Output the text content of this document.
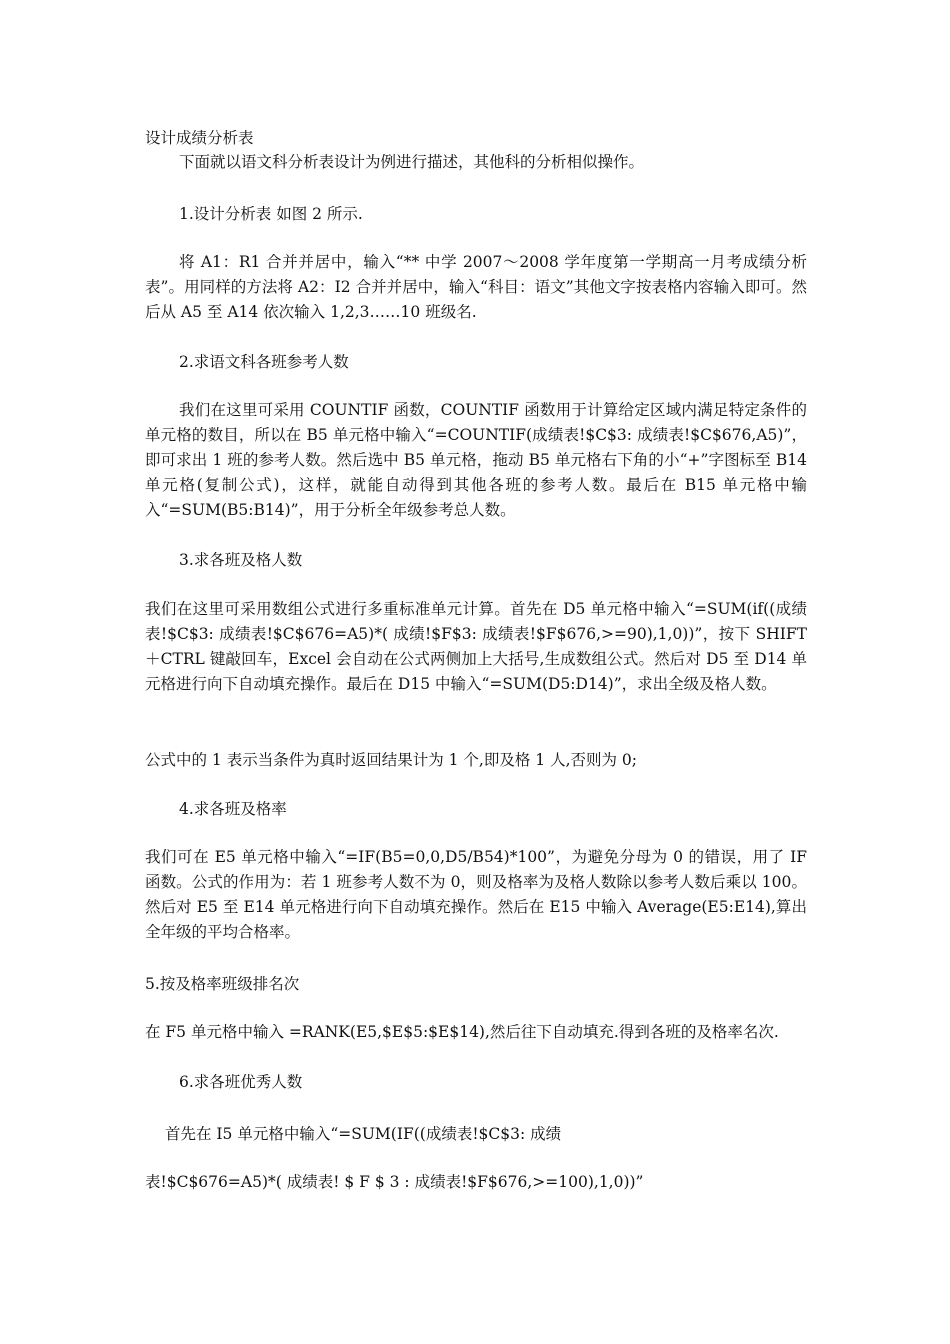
设计成绩分析表
下面就以语文科分析表设计为例进行描述，其他科的分析相似操作。
1.设计分析表 如图 2 所示.
将 A1：R1 合并并居中，输入“** 中学 2007～2008 学年度第一学期高一月考成绩分析表”。用同样的方法将 A2：I2 合并并居中，输入“科目：语文”其他文字按表格内容输入即可。然后从 A5 至 A14 依次输入 1,2,3……10 班级名.
2.求语文科各班参考人数
我们在这里可采用 COUNTIF 函数，COUNTIF 函数用于计算给定区域内满足特定条件的单元格的数目，所以在 B5 单元格中输入“=COUNTIF(成绩表!$C$3: 成绩表!$C$676,A5)”，即可求出 1 班的参考人数。然后选中 B5 单元格，拖动 B5 单元格右下角的小“+”字图标至 B14 单元格(复制公式)，这样，就能自动得到其他各班的参考人数。最后在 B15 单元格中输入“=SUM(B5:B14)”，用于分析全年级参考总人数。
3.求各班及格人数
我们在这里可采用数组公式进行多重标准单元计算。首先在 D5 单元格中输入“=SUM(if((成绩表!$C$3: 成绩表!$C$676=A5)*( 成绩!$F$3: 成绩表!$F$676,>=90),1,0))”，按下 SHIFT＋CTRL 键敲回车，Excel 会自动在公式两侧加上大括号,生成数组公式。然后对 D5 至 D14 单元格进行向下自动填充操作。最后在 D15 中输入“=SUM(D5:D14)”，求出全级及格人数。
公式中的 1 表示当条件为真时返回结果计为 1 个,即及格 1 人,否则为 0;
4.求各班及格率
我们可在 E5 单元格中输入“=IF(B5=0,0,D5/B54)*100”，为避免分母为 0 的错误，用了 IF 函数。公式的作用为：若 1 班参考人数不为 0，则及格率为及格人数除以参考人数后乘以 100。然后对 E5 至 E14 单元格进行向下自动填充操作。然后在 E15 中输入 Average(E5:E14),算出全年级的平均合格率。
5.按及格率班级排名次
在 F5 单元格中输入 =RANK(E5,$E$5:$E$14),然后往下自动填充.得到各班的及格率名次.
6.求各班优秀人数
首先在 I5 单元格中输入“=SUM(IF((成绩表!$C$3: 成绩
表!$C$676=A5)*( 成绩表! $ F $ 3 : 成绩表!$F$676,>=100),1,0))”
